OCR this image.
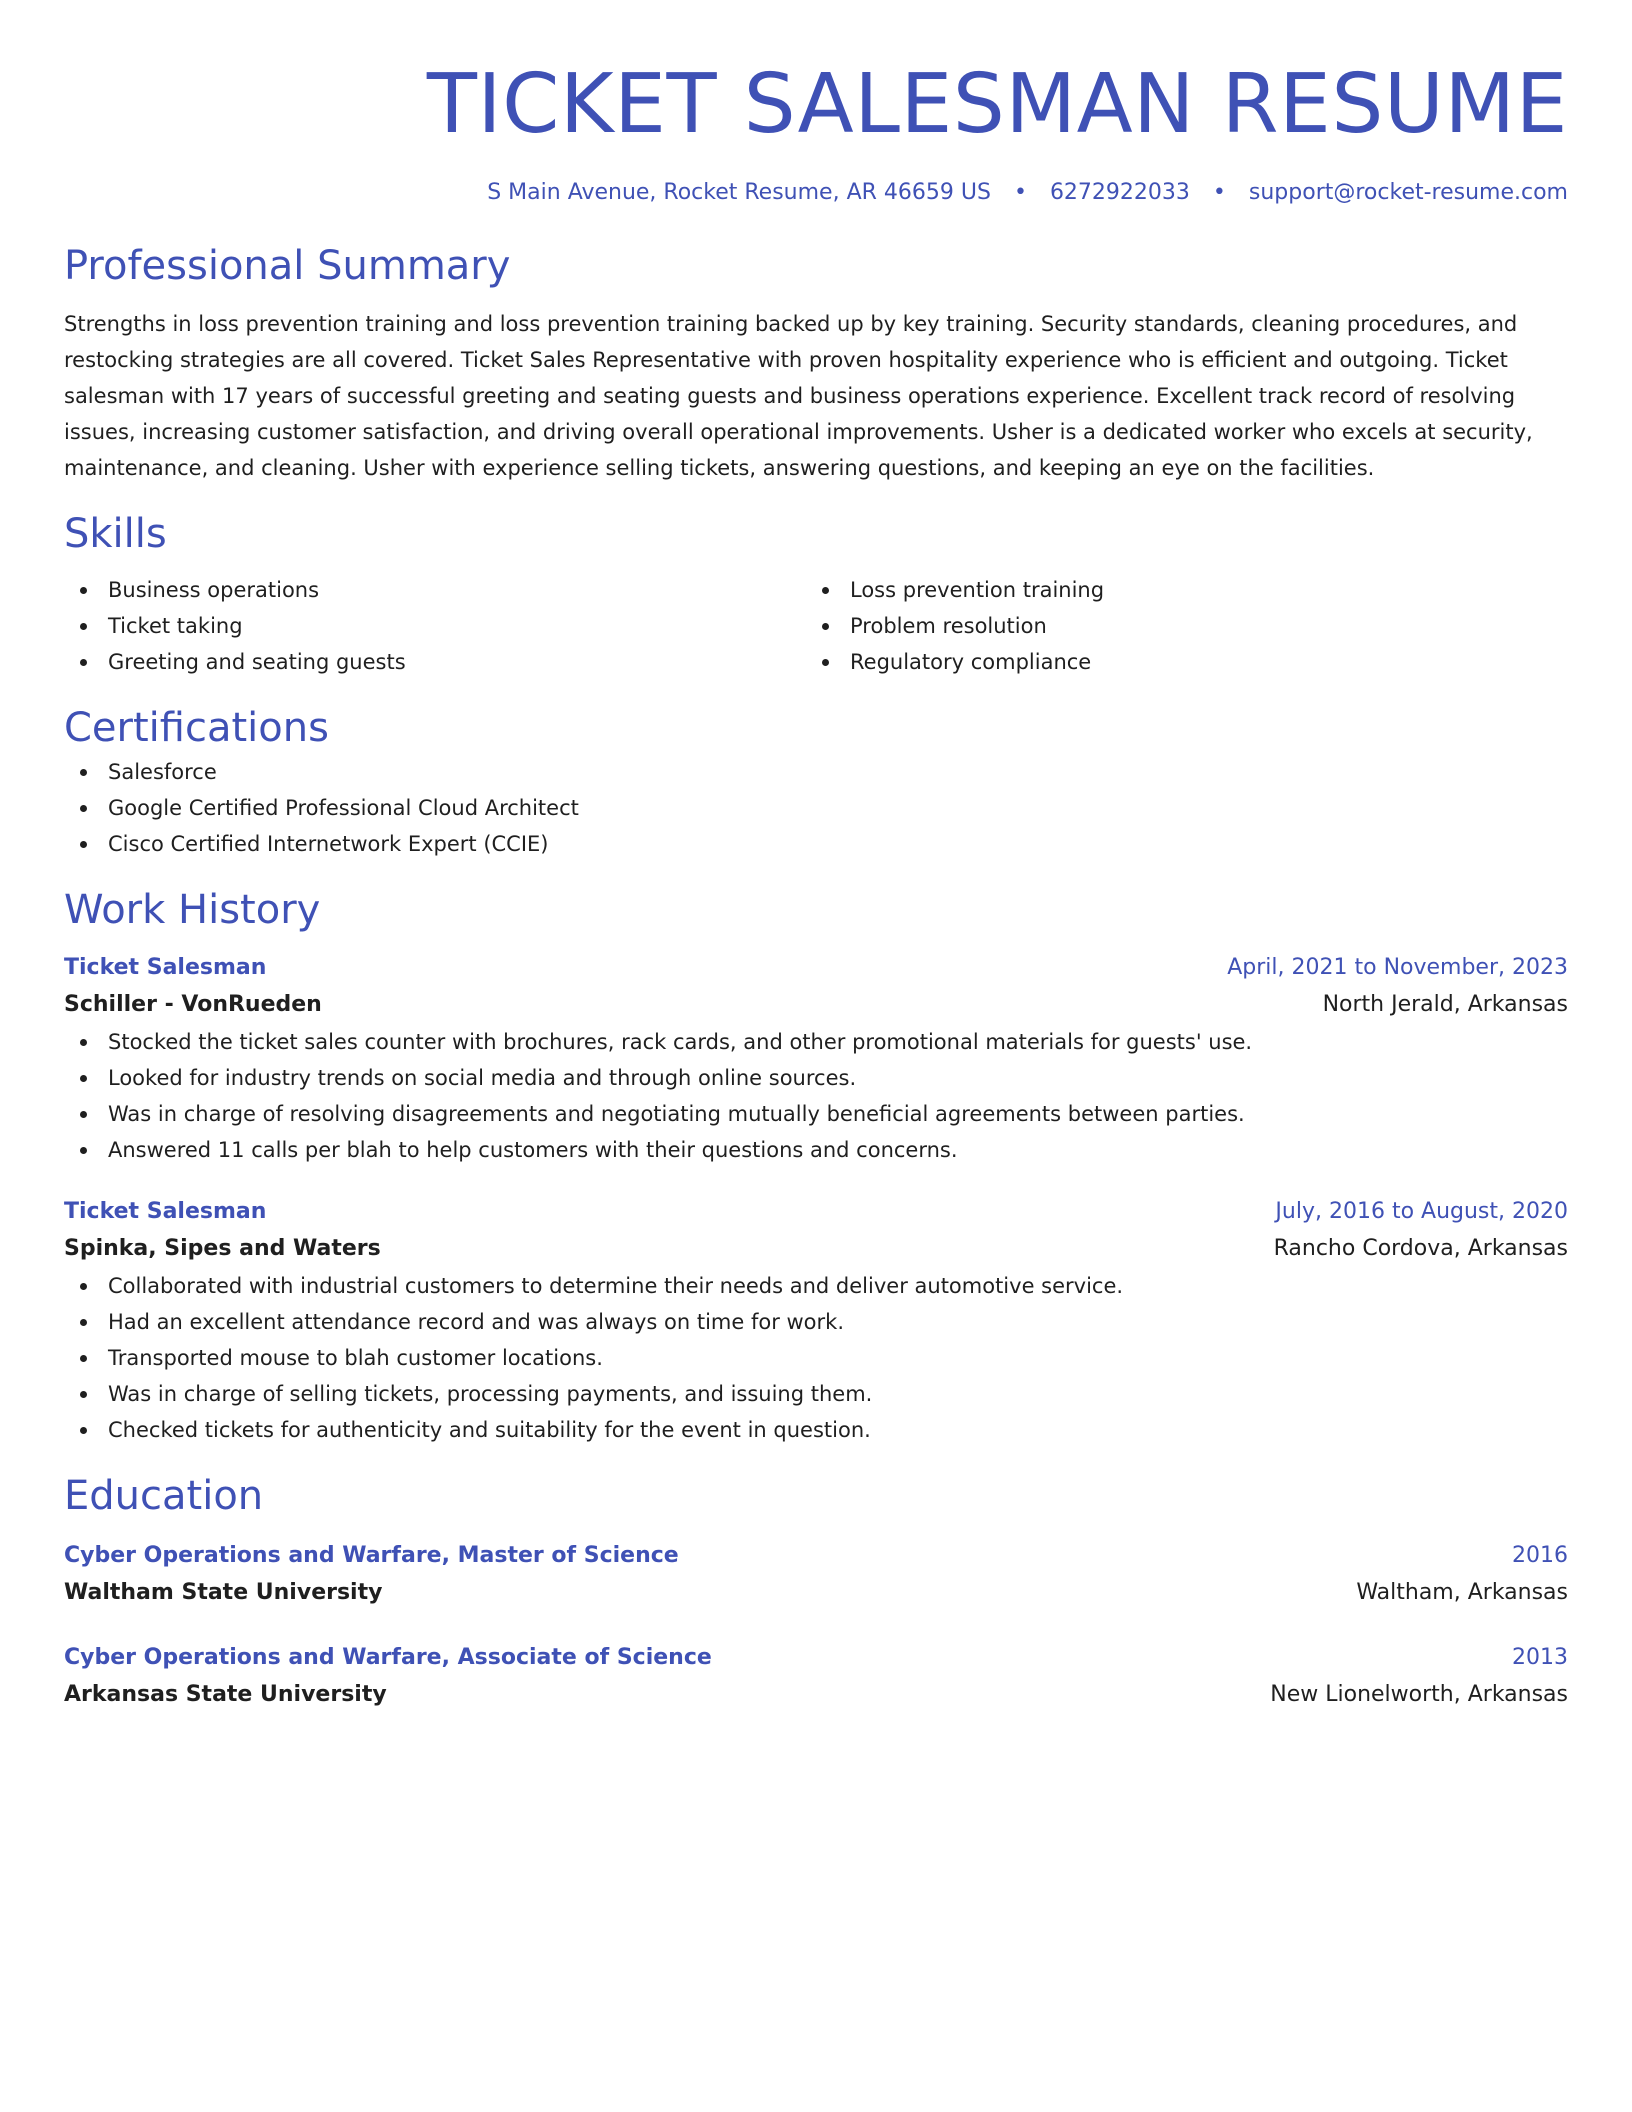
TICKET SALESMAN RESUME
S Main Avenue, Rocket Resume, AR 46659 US • 6272922033 • support@rocket-resume.com
Professional Summary

Strengths in loss prevention training and loss prevention training backed up by key training. Security standards, cleaning procedures, and restocking strategies are all covered. Ticket Sales Representative with proven hospitality experience who is efficient and outgoing. Ticket salesman with 17 years of successful greeting and seating guests and business operations experience. Excellent track record of resolving issues, increasing customer satisfaction, and driving overall operational improvements. Usher is a dedicated worker who excels at security, maintenance, and cleaning. Usher with experience selling tickets, answering questions, and keeping an eye on the facilities.

Skills
Business operations
Ticket taking
Greeting and seating guests
Loss prevention training
Problem resolution
Regulatory compliance
Certifications
Salesforce
Google Certified Professional Cloud Architect
Cisco Certified Internetwork Expert (CCIE)
Work History
Ticket Salesman	April, 2021 to November, 2023
Schiller - VonRueden	North Jerald, Arkansas
Stocked the ticket sales counter with brochures, rack cards, and other promotional materials for guests' use.
Looked for industry trends on social media and through online sources.
Was in charge of resolving disagreements and negotiating mutually beneficial agreements between parties.
Answered 11 calls per blah to help customers with their questions and concerns.
Ticket Salesman	July, 2016 to August, 2020
Spinka, Sipes and Waters	Rancho Cordova, Arkansas
Collaborated with industrial customers to determine their needs and deliver automotive service.
Had an excellent attendance record and was always on time for work.
Transported mouse to blah customer locations.
Was in charge of selling tickets, processing payments, and issuing them.
Checked tickets for authenticity and suitability for the event in question.
Education
Cyber Operations and Warfare, Master of Science	2016
Waltham State University	Waltham, Arkansas
Cyber Operations and Warfare, Associate of Science	2013
Arkansas State University	New Lionelworth, Arkansas
